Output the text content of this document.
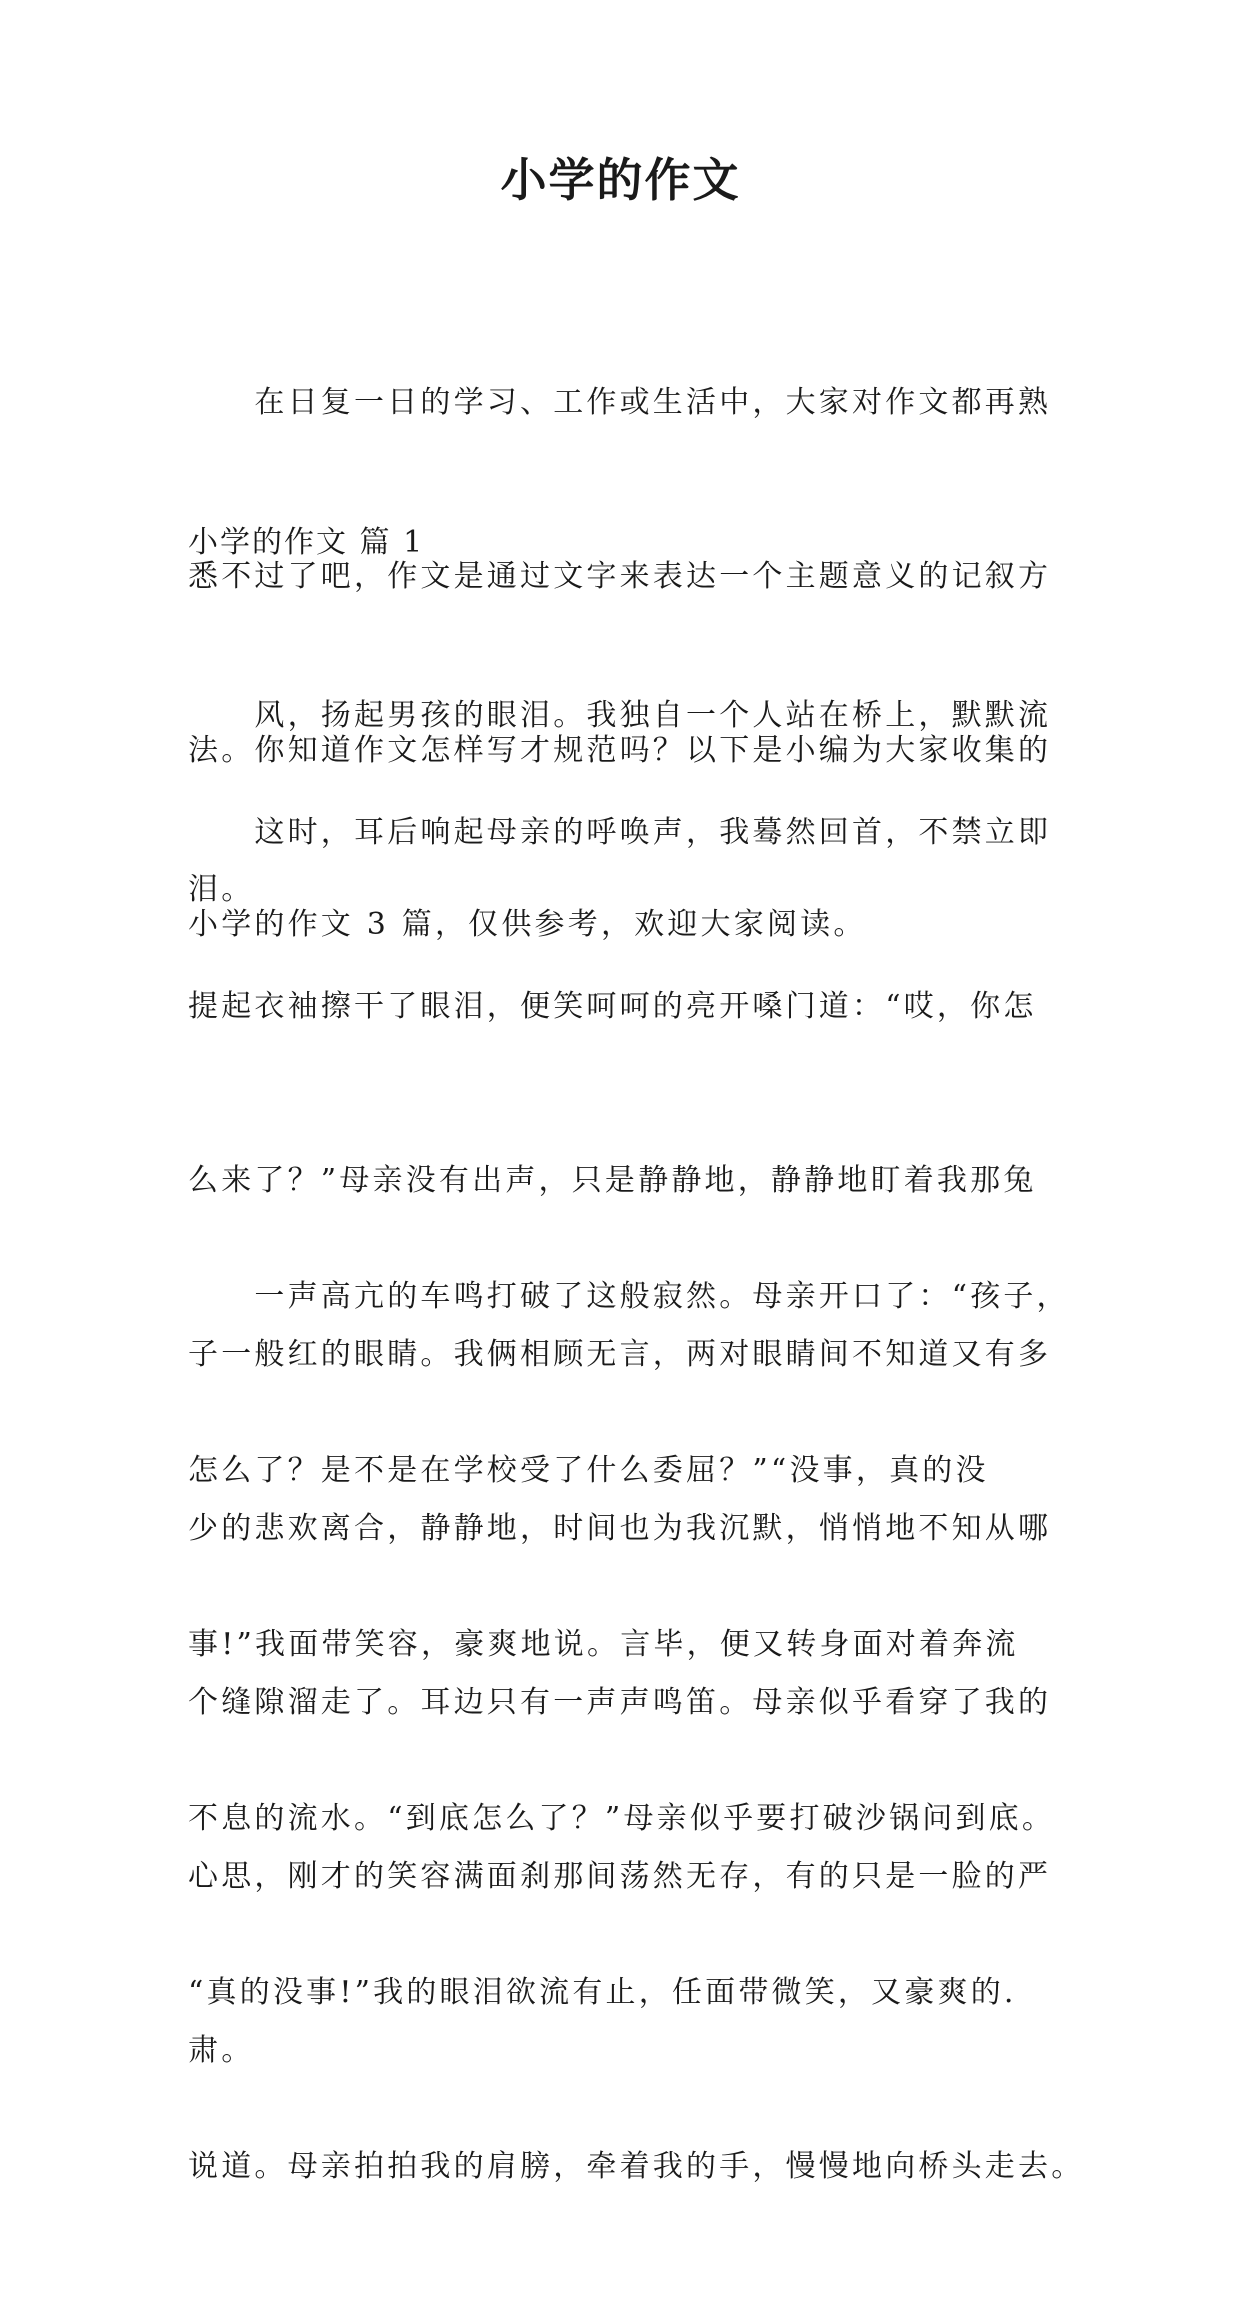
小学的作文

　　在日复一日的学习、工作或生活中，大家对作文都再熟

悉不过了吧，作文是通过文字来表达一个主题意义的记叙方

法。你知道作文怎样写才规范吗？以下是小编为大家收集的

小学的作文 3 篇，仅供参考，欢迎大家阅读。

小学的作文 篇 1

　　风，扬起男孩的眼泪。我独自一个人站在桥上，默默流

泪。

　　这时，耳后响起母亲的呼唤声，我蓦然回首，不禁立即

提起衣袖擦干了眼泪，便笑呵呵的亮开嗓门道：“哎，你怎

么来了？”母亲没有出声，只是静静地，静静地盯着我那兔

子一般红的眼睛。我俩相顾无言，两对眼睛间不知道又有多

少的悲欢离合，静静地，时间也为我沉默，悄悄地不知从哪

个缝隙溜走了。耳边只有一声声鸣笛。母亲似乎看穿了我的

心思，刚才的笑容满面刹那间荡然无存，有的只是一脸的严

肃。

　　一声高亢的车鸣打破了这般寂然。母亲开口了：“孩子，

怎么了？是不是在学校受了什么委屈？”“没事，真的没

事!”我面带笑容，豪爽地说。言毕，便又转身面对着奔流

不息的流水。“到底怎么了？”母亲似乎要打破沙锅问到底。

“真的没事!”我的眼泪欲流有止，任面带微笑，又豪爽的.

说道。母亲拍拍我的肩膀，牵着我的手，慢慢地向桥头走去。
